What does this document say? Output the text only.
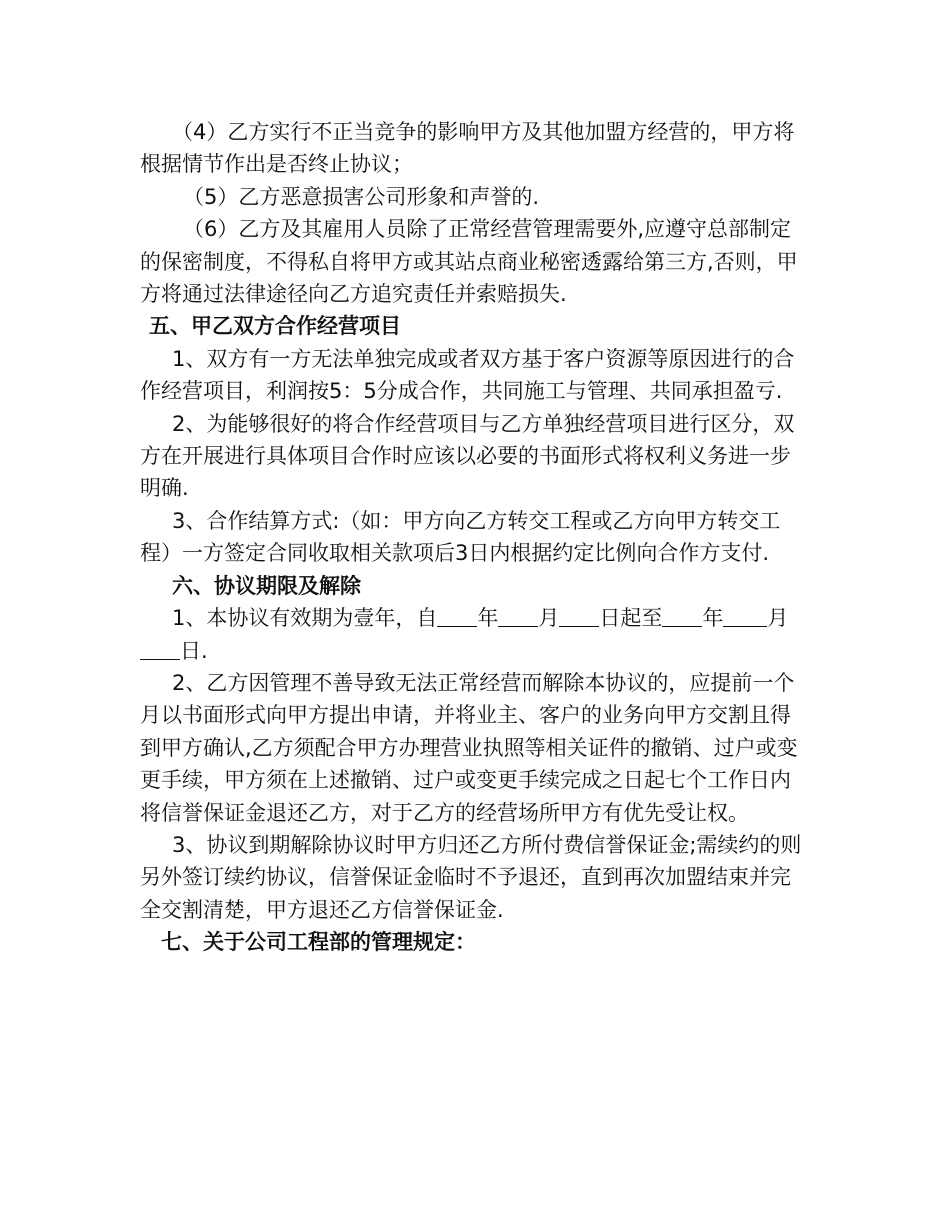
（4）乙方实行不正当竞争的影响甲方及其他加盟方经营的，甲方将根据情节作出是否终止协议；

（5）乙方恶意损害公司形象和声誉的.

（6）乙方及其雇用人员除了正常经营管理需要外,应遵守总部制定的保密制度，不得私自将甲方或其站点商业秘密透露给第三方,否则，甲方将通过法律途径向乙方追究责任并索赔损失.

五、甲乙双方合作经营项目

1、双方有一方无法单独完成或者双方基于客户资源等原因进行的合作经营项目，利润按5：5分成合作，共同施工与管理、共同承担盈亏.

2、为能够很好的将合作经营项目与乙方单独经营项目进行区分，双方在开展进行具体项目合作时应该以必要的书面形式将权利义务进一步明确.

3、合作结算方式:（如：甲方向乙方转交工程或乙方向甲方转交工程）一方签定合同收取相关款项后3日内根据约定比例向合作方支付.

六、协议期限及解除

1、本协议有效期为壹年，自 年 月 日起至 年 月日.

2、乙方因管理不善导致无法正常经营而解除本协议的，应提前一个月以书面形式向甲方提出申请，并将业主、客户的业务向甲方交割且得到甲方确认,乙方须配合甲方办理营业执照等相关证件的撤销、过户或变更手续，甲方须在上述撤销、过户或变更手续完成之日起七个工作日内将信誉保证金退还乙方，对于乙方的经营场所甲方有优先受让权。

3、协议到期解除协议时甲方归还乙方所付费信誉保证金;需续约的则另外签订续约协议，信誉保证金临时不予退还，直到再次加盟结束并完全交割清楚，甲方退还乙方信誉保证金.

七、关于公司工程部的管理规定：
